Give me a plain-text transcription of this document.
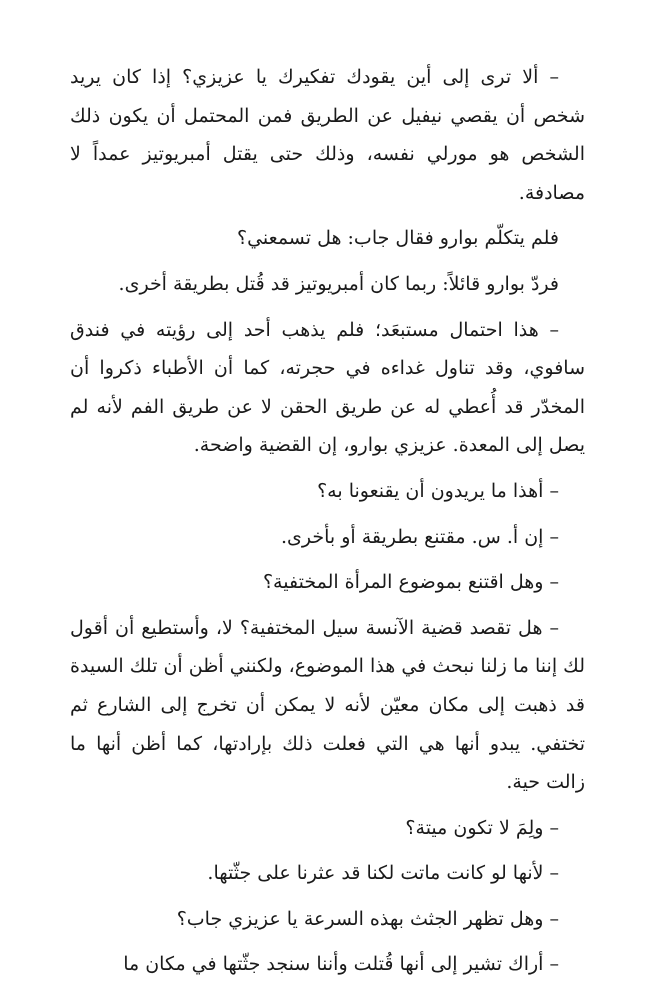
– ألا ترى إلى أين يقودك تفكيرك يا عزيزي؟ إذا كان يريد شخص أن يقصي نيفيل عن الطريق فمن المحتمل أن يكون ذلك الشخص هو مورلي نفسه، وذلك حتى يقتل أمبريوتيز عمداً لا مصادفة.

فلم يتكلّم بوارو فقال جاب: هل تسمعني؟

فردّ بوارو قائلاً: ربما كان أمبريوتيز قد قُتل بطريقة أخرى.

– هذا احتمال مستبعَد؛ فلم يذهب أحد إلى رؤيته في فندق سافوي، وقد تناول غداءه في حجرته، كما أن الأطباء ذكروا أن المخدّر قد أُعطي له عن طريق الحقن لا عن طريق الفم لأنه لم يصل إلى المعدة. عزيزي بوارو، إن القضية واضحة.

– أهذا ما يريدون أن يقنعونا به؟

– إن أ. س. مقتنع بطريقة أو بأخرى.

– وهل اقتنع بموضوع المرأة المختفية؟

– هل تقصد قضية الآنسة سيل المختفية؟ لا، وأستطيع أن أقول لك إننا ما زلنا نبحث في هذا الموضوع، ولكنني أظن أن تلك السيدة قد ذهبت إلى مكان معيّن لأنه لا يمكن أن تخرج إلى الشارع ثم تختفي. يبدو أنها هي التي فعلت ذلك بإرادتها، كما أظن أنها ما زالت حية.

– ولِمَ لا تكون ميتة؟

– لأنها لو كانت ماتت لكنا قد عثرنا على جثّتها.

– وهل تظهر الجثث بهذه السرعة يا عزيزي جاب؟

– أراك تشير إلى أنها قُتلت وأننا سنجد جثّتها في مكان ما
